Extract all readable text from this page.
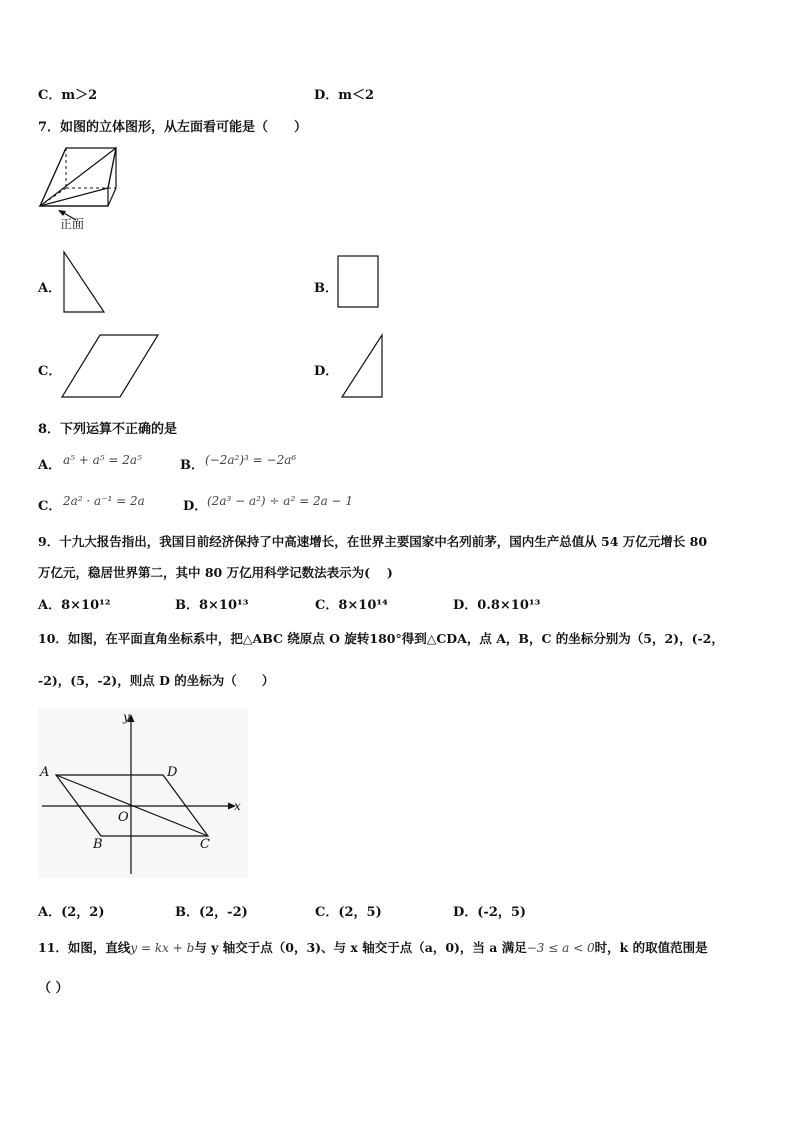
C．m＞2	D．m＜2
7．如图的立体图形，从左面看可能是（　　）
正面
A．	B．
C．	D．
8．下列运算不正确的是
A． 𝑎⁵ + 𝑎⁵ = 2𝑎⁵	B． (−2𝑎²)³ = −2𝑎⁶
C． 2𝑎² · 𝑎⁻¹ = 2𝑎	D． (2𝑎³ − 𝑎²) ÷ 𝑎² = 2𝑎 − 1
9．十九大报告指出，我国目前经济保持了中高速增长，在世界主要国家中名列前茅，国内生产总值从 54 万亿元增长 80
万亿元，稳居世界第二，其中 80 万亿用科学记数法表示为(　 )
A．8×10¹²	B．8×10¹³	C．8×10¹⁴	D．0.8×10¹³
10．如图，在平面直角坐标系中，把△ABC 绕原点 O 旋转180°得到△CDA，点 A，B，C 的坐标分别为（5，2)，(-2，
-2)，(5，-2)，则点 D 的坐标为（　　）
y
x
A	D
O
B	C
A．(2，2)	B．(2，-2)	C．(2，5)	D．(-2，5)
11．如图，直线𝑦 = 𝑘𝑥 + 𝑏与 y 轴交于点（0，3)、与 x 轴交于点（a，0)，当 a 满足−3 ≤ 𝑎 < 0时，k 的取值范围是
（ ）
